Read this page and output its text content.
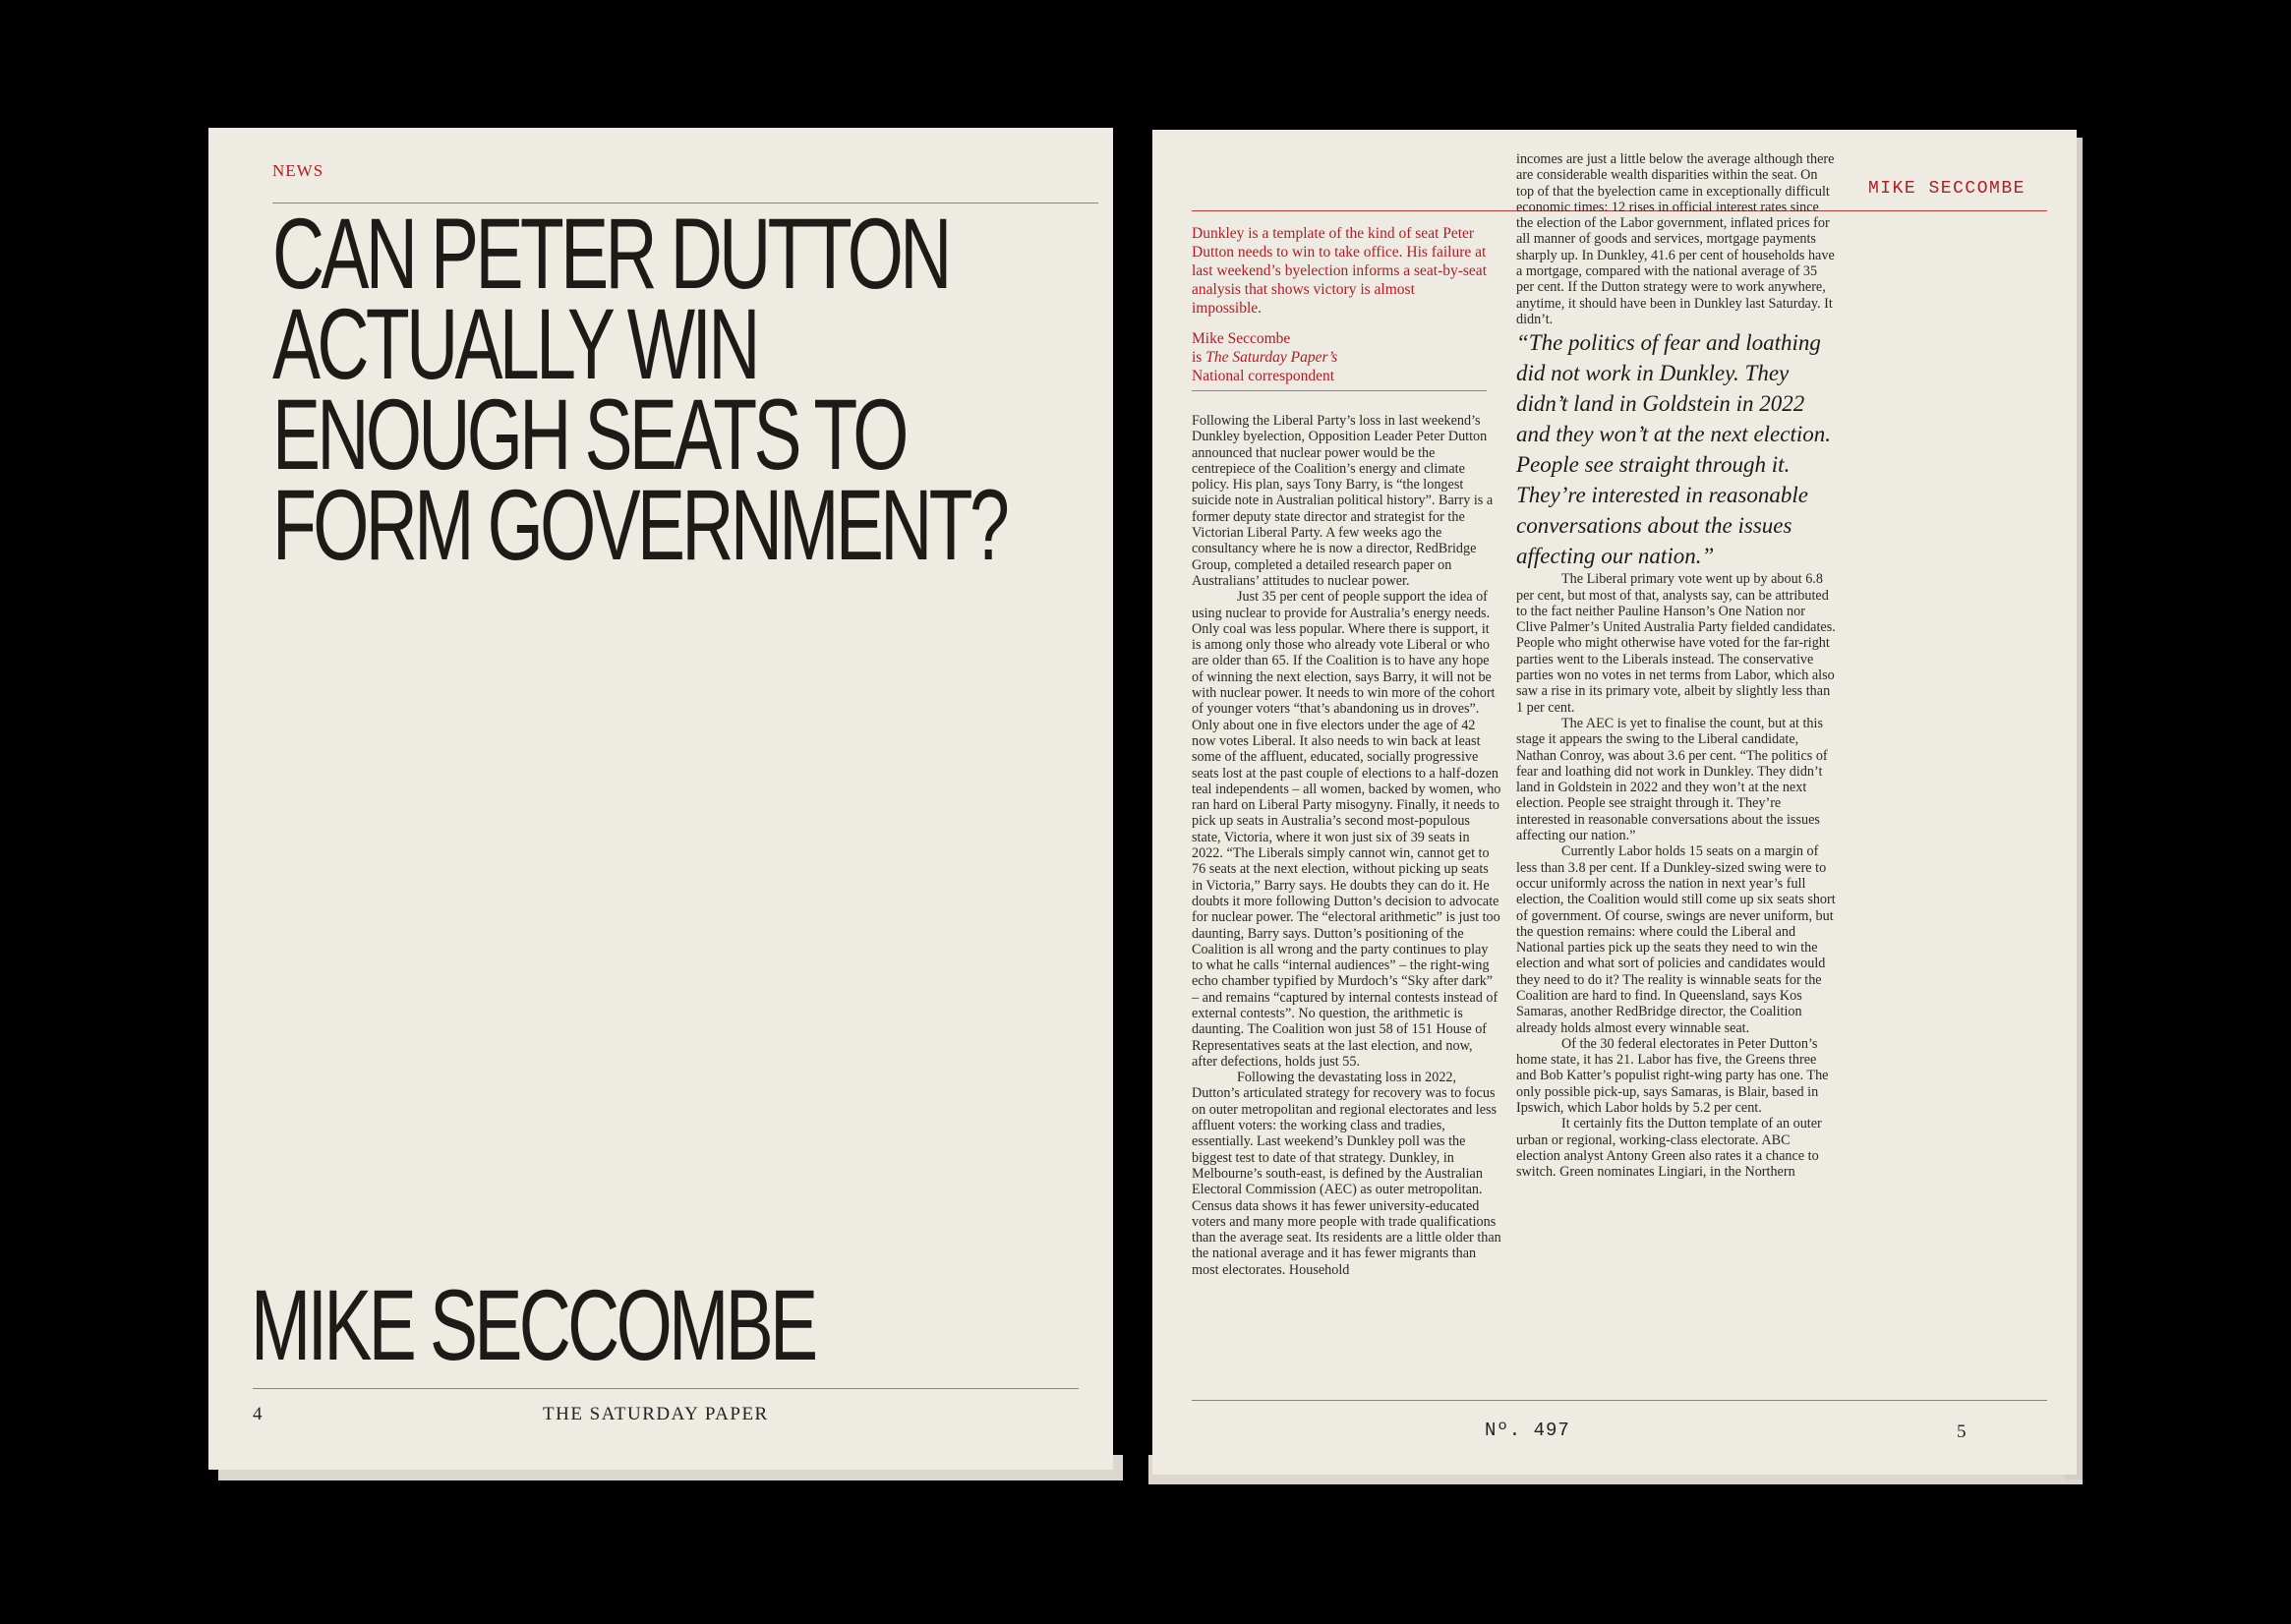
NEWS
CAN PETER DUTTON
ACTUALLY WIN
ENOUGH SEATS TO
FORM GOVERNMENT?
MIKE SECCOMBE
4	THE SATURDAY PAPER
MIKE SECCOMBE

Dunkley is a template of the kind of seat Peter Dutton needs to win to take office. His failure at last weekend’s byelection informs a seat-by-seat analysis that shows victory is almost impossible.

Mike Seccombe
is The Saturday Paper’s
National correspondent

Following the Liberal Party’s loss in last weekend’s Dunkley byelection, Opposition Leader Peter Dutton announced that nuclear power would be the centrepiece of the Coalition’s energy and climate policy. His plan, says Tony Barry, is “the longest suicide note in Australian political history”. Barry is a former deputy state director and strategist for the Victorian Liberal Party. A few weeks ago the consultancy where he is now a director, RedBridge Group, completed a detailed research paper on Australians’ attitudes to nuclear power.

Just 35 per cent of people support the idea of using nuclear to provide for Australia’s energy needs. Only coal was less popular. Where there is support, it is among only those who already vote Liberal or who are older than 65. If the Coalition is to have any hope of winning the next election, says Barry, it will not be with nuclear power. It needs to win more of the cohort of younger voters “that’s abandoning us in droves”. Only about one in five electors under the age of 42 now votes Liberal. It also needs to win back at least some of the affluent, educated, socially progressive seats lost at the past couple of elections to a half-dozen teal independents – all women, backed by women, who ran hard on Liberal Party misogyny. Finally, it needs to pick up seats in Australia’s second most-populous state, Victoria, where it won just six of 39 seats in 2022. “The Liberals simply cannot win, cannot get to 76 seats at the next election, without picking up seats in Victoria,” Barry says. He doubts they can do it. He doubts it more following Dutton’s decision to advocate for nuclear power. The “electoral arithmetic” is just too daunting, Barry says. Dutton’s positioning of the Coalition is all wrong and the party continues to play to what he calls “internal audiences” – the right-wing echo chamber typified by Murdoch’s “Sky after dark” – and remains “captured by internal contests instead of external contests”. No question, the arithmetic is daunting. The Coalition won just 58 of 151 House of Representatives seats at the last election, and now, after defections, holds just 55.

Following the devastating loss in 2022, Dutton’s articulated strategy for recovery was to focus on outer metropolitan and regional electorates and less affluent voters: the working class and tradies, essentially. Last weekend’s Dunkley poll was the biggest test to date of that strategy. Dunkley, in Melbourne’s south-east, is defined by the Australian Electoral Commission (AEC) as outer metropolitan. Census data shows it has fewer university-educated voters and many more people with trade qualifications than the average seat. Its residents are a little older than the national average and it has fewer migrants than most electorates. Household

incomes are just a little below the average although there are considerable wealth disparities within the seat. On top of that the byelection came in exceptionally difficult economic times: 12 rises in official interest rates since the election of the Labor government, inflated prices for all manner of goods and services, mortgage payments sharply up. In Dunkley, 41.6 per cent of households have a mortgage, compared with the national average of 35 per cent. If the Dutton strategy were to work anywhere, anytime, it should have been in Dunkley last Saturday. It didn’t.

“The politics of fear and loathing did not work in Dunkley. They didn’t land in Goldstein in 2022 and they won’t at the next election. People see straight through it. They’re interested in reasonable conversations about the issues affecting our nation.”

The Liberal primary vote went up by about 6.8 per cent, but most of that, analysts say, can be attributed to the fact neither Pauline Hanson’s One Nation nor Clive Palmer’s United Australia Party fielded candidates. People who might otherwise have voted for the far-right parties went to the Liberals instead. The conservative parties won no votes in net terms from Labor, which also saw a rise in its primary vote, albeit by slightly less than 1 per cent.

The AEC is yet to finalise the count, but at this stage it appears the swing to the Liberal candidate, Nathan Conroy, was about 3.6 per cent. “The politics of fear and loathing did not work in Dunkley. They didn’t land in Goldstein in 2022 and they won’t at the next election. People see straight through it. They’re interested in reasonable conversations about the issues affecting our nation.”

Currently Labor holds 15 seats on a margin of less than 3.8 per cent. If a Dunkley-sized swing were to occur uniformly across the nation in next year’s full election, the Coalition would still come up six seats short of government. Of course, swings are never uniform, but the question remains: where could the Liberal and National parties pick up the seats they need to win the election and what sort of policies and candidates would they need to do it? The reality is winnable seats for the Coalition are hard to find. In Queensland, says Kos Samaras, another RedBridge director, the Coalition already holds almost every winnable seat.

Of the 30 federal electorates in Peter Dutton’s home state, it has 21. Labor has five, the Greens three and Bob Katter’s populist right-wing party has one. The only possible pick-up, says Samaras, is Blair, based in Ipswich, which Labor holds by 5.2 per cent.

It certainly fits the Dutton template of an outer urban or regional, working-class electorate. ABC election analyst Antony Green also rates it a chance to switch. Green nominates Lingiari, in the Northern

Nº. 497	5
